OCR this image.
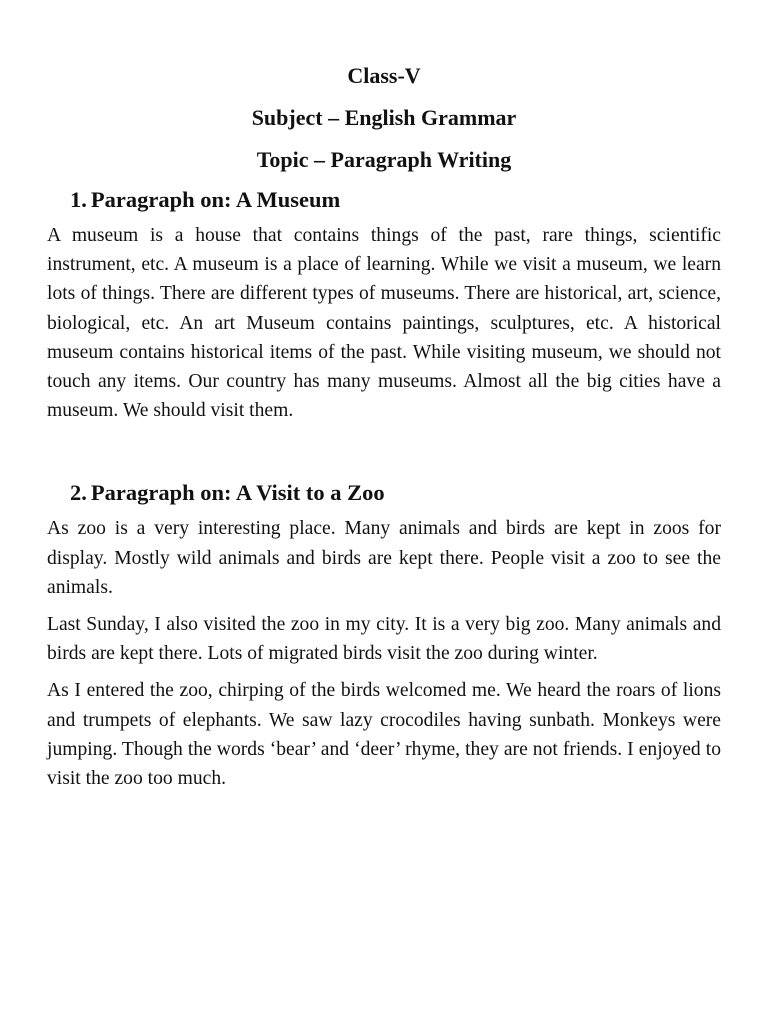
Class-V
Subject – English Grammar
Topic – Paragraph Writing
1. Paragraph on: A Museum

A museum is a house that contains things of the past, rare things, scientific instrument, etc. A museum is a place of learning. While we visit a museum, we learn lots of things. There are different types of museums. There are historical, art, science, biological, etc. An art Museum contains paintings, sculptures, etc. A historical museum contains historical items of the past. While visiting museum, we should not touch any items. Our country has many museums. Almost all the big cities have a museum. We should visit them.

2. Paragraph on: A Visit to a Zoo

As zoo is a very interesting place. Many animals and birds are kept in zoos for display. Mostly wild animals and birds are kept there. People visit a zoo to see the animals.

Last Sunday, I also visited the zoo in my city. It is a very big zoo. Many animals and birds are kept there. Lots of migrated birds visit the zoo during winter.

As I entered the zoo, chirping of the birds welcomed me. We heard the roars of lions and trumpets of elephants. We saw lazy crocodiles having sunbath. Monkeys were jumping. Though the words ‘bear’ and ‘deer’ rhyme, they are not friends. I enjoyed to visit the zoo too much.
